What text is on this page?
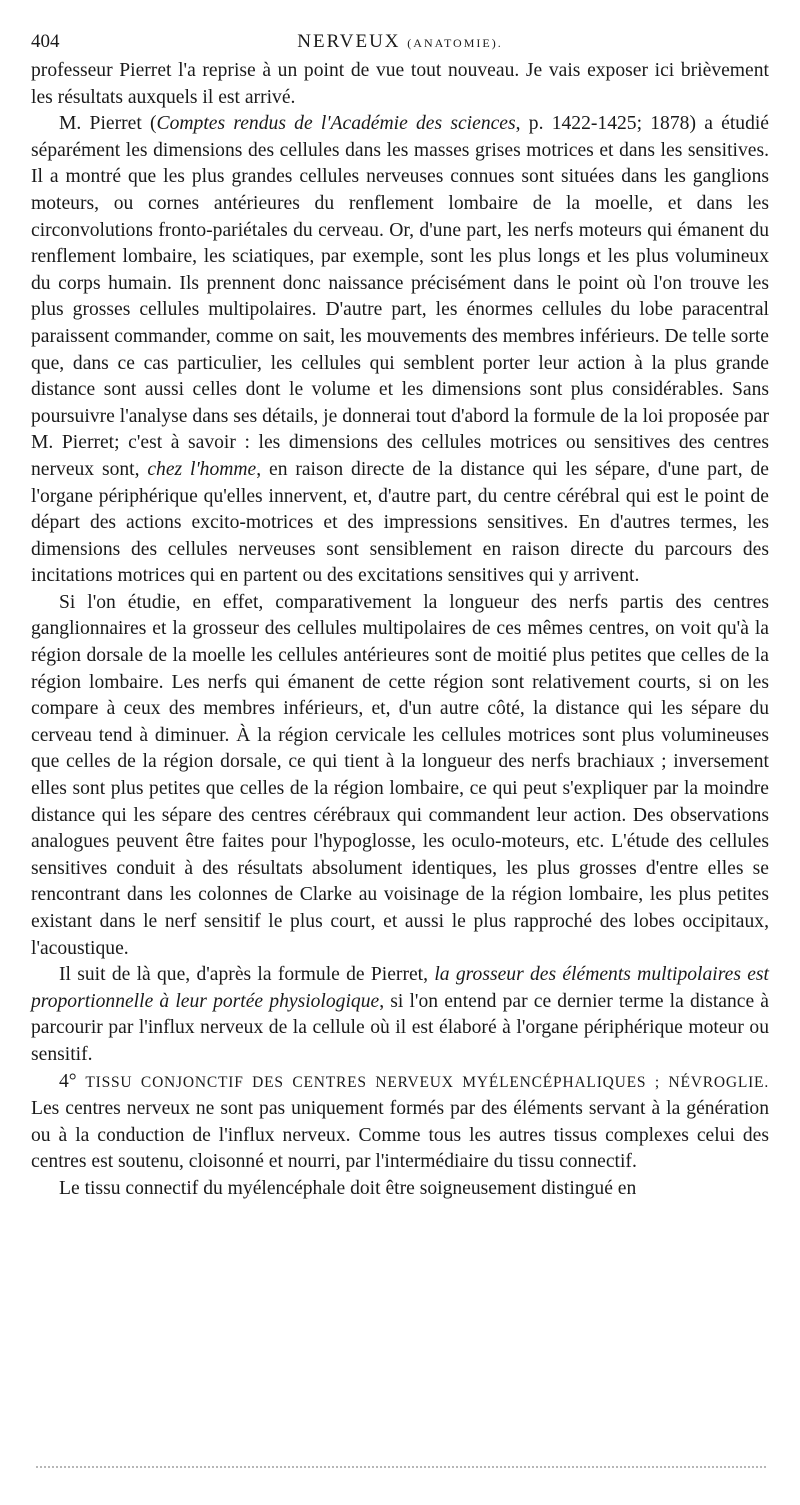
404	NERVEUX (ANATOMIE).

professeur Pierret l'a reprise à un point de vue tout nouveau. Je vais exposer ici brièvement les résultats auxquels il est arrivé.

M. Pierret (Comptes rendus de l'Académie des sciences, p. 1422-1425; 1878) a étudié séparément les dimensions des cellules dans les masses grises motrices et dans les sensitives. Il a montré que les plus grandes cellules nerveuses connues sont situées dans les ganglions moteurs, ou cornes antérieures du renflement lombaire de la moelle, et dans les circonvolutions fronto-pariétales du cerveau. Or, d'une part, les nerfs moteurs qui émanent du renflement lombaire, les sciatiques, par exemple, sont les plus longs et les plus volumineux du corps humain. Ils prennent donc naissance précisément dans le point où l'on trouve les plus grosses cellules multipolaires. D'autre part, les énormes cellules du lobe paracentral paraissent commander, comme on sait, les mouvements des membres inférieurs. De telle sorte que, dans ce cas particulier, les cellules qui semblent porter leur action à la plus grande distance sont aussi celles dont le volume et les dimensions sont plus considérables. Sans poursuivre l'analyse dans ses détails, je donnerai tout d'abord la formule de la loi proposée par M. Pierret; c'est à savoir : les dimensions des cellules motrices ou sensitives des centres nerveux sont, chez l'homme, en raison directe de la distance qui les sépare, d'une part, de l'organe périphérique qu'elles innervent, et, d'autre part, du centre cérébral qui est le point de départ des actions excito-motrices et des impressions sensitives. En d'autres termes, les dimensions des cellules nerveuses sont sensiblement en raison directe du parcours des incitations motrices qui en partent ou des excitations sensitives qui y arrivent.

Si l'on étudie, en effet, comparativement la longueur des nerfs partis des centres ganglionnaires et la grosseur des cellules multipolaires de ces mêmes centres, on voit qu'à la région dorsale de la moelle les cellules antérieures sont de moitié plus petites que celles de la région lombaire. Les nerfs qui émanent de cette région sont relativement courts, si on les compare à ceux des membres inférieurs, et, d'un autre côté, la distance qui les sépare du cerveau tend à diminuer. À la région cervicale les cellules motrices sont plus volumineuses que celles de la région dorsale, ce qui tient à la longueur des nerfs brachiaux ; inversement elles sont plus petites que celles de la région lombaire, ce qui peut s'expliquer par la moindre distance qui les sépare des centres cérébraux qui commandent leur action. Des observations analogues peuvent être faites pour l'hypoglosse, les oculo-moteurs, etc. L'étude des cellules sensitives conduit à des résultats absolument identiques, les plus grosses d'entre elles se rencontrant dans les colonnes de Clarke au voisinage de la région lombaire, les plus petites existant dans le nerf sensitif le plus court, et aussi le plus rapproché des lobes occipitaux, l'acoustique.

Il suit de là que, d'après la formule de Pierret, la grosseur des éléments multipolaires est proportionnelle à leur portée physiologique, si l'on entend par ce dernier terme la distance à parcourir par l'influx nerveux de la cellule où il est élaboré à l'organe périphérique moteur ou sensitif.

4° TISSU CONJONCTIF DES CENTRES NERVEUX MYÉLENCÉPHALIQUES ; NÉVROGLIE. Les centres nerveux ne sont pas uniquement formés par des éléments servant à la génération ou à la conduction de l'influx nerveux. Comme tous les autres tissus complexes celui des centres est soutenu, cloisonné et nourri, par l'intermédiaire du tissu connectif.

Le tissu connectif du myélencéphale doit être soigneusement distingué en
